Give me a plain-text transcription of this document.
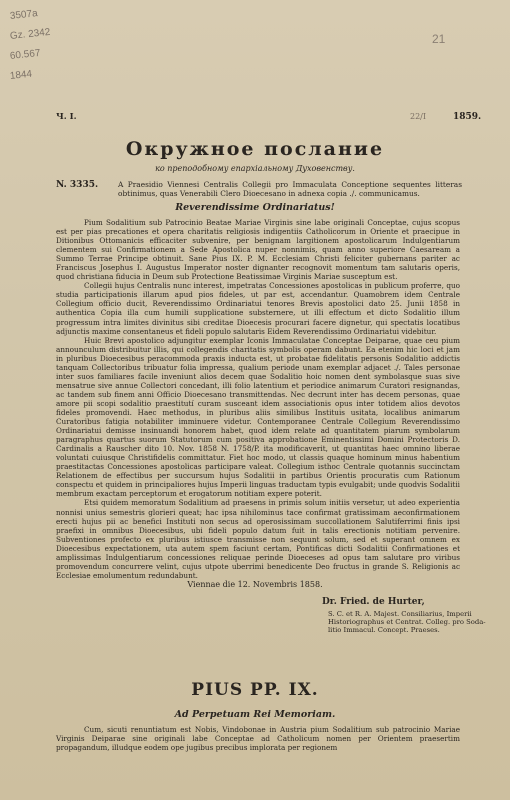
3507a
Gz. 2342
60.567
1844
21
Ч. I.	22/I	1859.
Окружное послание
ко преподобному епархіальному Духовенству.
N. 3335.	A Praesidio Viennesi Centralis Collegii pro Immaculata Conceptione sequentes litteras obtinimus, quas Venerabili Clero Dioecesano in adnexa copia ./. communicamus.
Reverendissime Ordinariatus!

Pium Sodalitium sub Patrocinio Beatae Mariae Virginis sine labe originali Conceptae, cujus scopus est per pias precationes et opera charitatis religiosis indigentiis Catholicorum in Oriente et praecipue in Ditionibus Ottomanicis efficaciter subvenire, per benignam largitionem apostolicarum Indulgentiarum clementem sui Confirmationem a Sede Apostolica nuper nonnimis, quam anno superiore Caesaream a Summo Terrae Principe obtinuit. Sane Pius IX. P. M. Ecclesiam Christi feliciter gubernans pariter ac Franciscus Josephus I. Augustus Imperator noster dignanter recognovit momentum tam salutaris operis, quod christiana fiducia in Deum sub Protectione Beatissimae Virginis Mariae susceptum est.

Collegii hujus Centralis nunc interest, impetratas Concessiones apostolicas in publicum proferre, quo studia participationis illarum apud pios fideles, ut par est, accendantur. Quamobrem idem Centrale Collegium officio ducit, Reverendissimo Ordinariatui tenores Brevis apostolici dato 25. Junii 1858 in authentica Copia illa cum humili supplicatione substernere, ut illi effectum et dicto Sodalitio illum progressum intra limites divinitus sibi creditae Dioecesis procurari facere dignetur, qui spectatis locatibus adjunctis maxime consentaneus et fideli populo salutaris Eidem Reverendissimo Ordinariatui videbitur.

Huic Brevi apostolico adjungitur exemplar Iconis Immaculatae Conceptae Deiparae, quae ceu pium announculum distribuitur illis, qui collegendis charitatis symbolis operam dabunt. Ea etenim hic loci et jam in pluribus Dioecesibus peracommoda praxis inducta est, ut probatae fidelitatis personis Sodalitio addictis tanquam Collectoribus tribuatur folia impressa, qualium periode unam exemplar adjacet ./. Tales personae inter suos familiares facile inveniunt alios decem quae Sodalitio hoic nomen dent symbolasque suas sive mensatrue sive annue Collectori concedant, illi folio latentium et periodice animarum Curatori resignandas, ac tandem sub finem anni Officio Dioecesano transmittendas. Nec decrunt inter has decem personas, quae amore pii scopi sodalitio praestitutí curam susceant idem associationis opus inter totidem alios devotos fideles promovendi. Haec methodus, in pluribus aliis similibus Instituis usitata, localibus animarum Curatoribus fatigia notabiliter imminuere videtur. Contemporanee Centrale Collegium Reverendissimo Ordinariatui demisse insinuandi honorem habet, quod idem relate ad quantitatem piarum symbolarum paragraphus quartus suorum Statutorum cum positiva approbatione Eminentissimi Domini Protectoris D. Cardinalis a Rauscher dito 10. Nov. 1858 N. 1758/P. ita modificaverit, ut quantitas haec omnino liberae voluntati cuiusque Christifidelis committatur. Fiet hoc modo, ut classis quaque hominum minus habentium praestitactas Concessiones apostolicas participare valeat. Collegium isthoc Centrale quotannis succinctam Relationem de effectibus per succursum hujus Sodalitii in partibus Orientis procuratis cum Rationum conspectu et quidem in principaliores hujus Imperii linguas traductam typis evulgabit; unde quodvis Sodalitii membrum exactam perceptorum et erogatorum notitiam expere poterit.

Etsi quidem memoratum Sodalitium ad praesens in primis solum initiis versetur, ut adeo experientia nonnisi unius semestris glorieri queat; hac ipsa nihilominus tace confirmat gratissimam aeconfirmationem erecti hujus pii ac benefici Instituti non secus ad operosissimam succollationem Salutiferrimi finis ipsi praefixi in omnibus Dioecesibus, ubi fideli populo datum fuit in talis erectionis notitiam pervenire. Subventiones profecto ex pluribus istiusce transmisse non sequunt solum, sed et superant omnem ex Dioecesibus expectationem, uta autem spem faciunt certam, Pontificas dicti Sodalitii Confirmationes et amplissimas Indulgentiarum concessiones reliquae perinde Dioeceses ad opus tam salutare pro viribus promovendum concurrere velint, cujus utpote uberrimi benedicente Deo fructus in grande S. Religionis ac Ecclesiae emolumentum redundabunt.

Viennae die 12. Novembris 1858.
Dr. Fried. de Hurter,
S. C. et R. A. Majest. Consiliarius, Imperii
Historiographus et Centrat. Colleg. pro Soda-
litio Immacul. Concept. Praeses.
PIUS PP. IX.
Ad Perpetuam Rei Memoriam.
Cum, sicuti renuntiatum est Nobis, Vindobonae in Austria pium Sodalitium sub patrocinio Mariae Virginis Deiparae sine originali labe Conceptae ad Catholicum nomen per Orientem praesertim propagandum, illudque eodem ope jugibus precibus implorata per regionem
